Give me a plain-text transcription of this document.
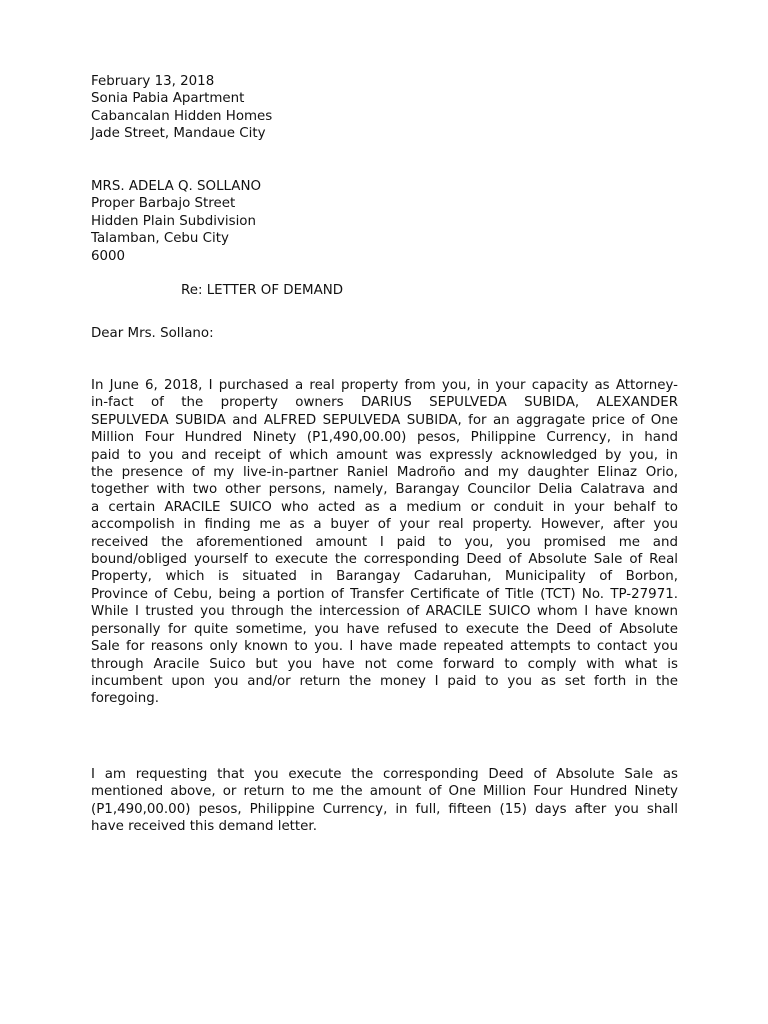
February 13, 2018
Sonia Pabia Apartment
Cabancalan Hidden Homes
Jade Street, Mandaue City
MRS. ADELA Q. SOLLANO
Proper Barbajo Street
Hidden Plain Subdivision
Talamban, Cebu City
6000
Re: LETTER OF DEMAND
Dear Mrs. Sollano:
In June 6, 2018, I purchased a real property from you, in your capacity as Attorney-
in-fact of the property owners DARIUS SEPULVEDA SUBIDA, ALEXANDER
SEPULVEDA SUBIDA and ALFRED SEPULVEDA SUBIDA, for an aggragate price of One
Million Four Hundred Ninety (P1,490,00.00) pesos, Philippine Currency, in hand
paid to you and receipt of which amount was expressly acknowledged by you, in
the presence of my live-in-partner Raniel Madroño and my daughter Elinaz Orio,
together with two other persons, namely, Barangay Councilor Delia Calatrava and
a certain ARACILE SUICO who acted as a medium or conduit in your behalf to
accompolish in finding me as a buyer of your real property. However, after you
received the aforementioned amount I paid to you, you promised me and
bound/obliged yourself to execute the corresponding Deed of Absolute Sale of Real
Property, which is situated in Barangay Cadaruhan, Municipality of Borbon,
Province of Cebu, being a portion of Transfer Certificate of Title (TCT) No. TP-27971.
While I trusted you through the intercession of ARACILE SUICO whom I have known
personally for quite sometime, you have refused to execute the Deed of Absolute
Sale for reasons only known to you. I have made repeated attempts to contact you
through Aracile Suico but you have not come forward to comply with what is
incumbent upon you and/or return the money I paid to you as set forth in the
foregoing.
I am requesting that you execute the corresponding Deed of Absolute Sale as
mentioned above, or return to me the amount of One Million Four Hundred Ninety
(P1,490,00.00) pesos, Philippine Currency, in full, fifteen (15) days after you shall
have received this demand letter.
